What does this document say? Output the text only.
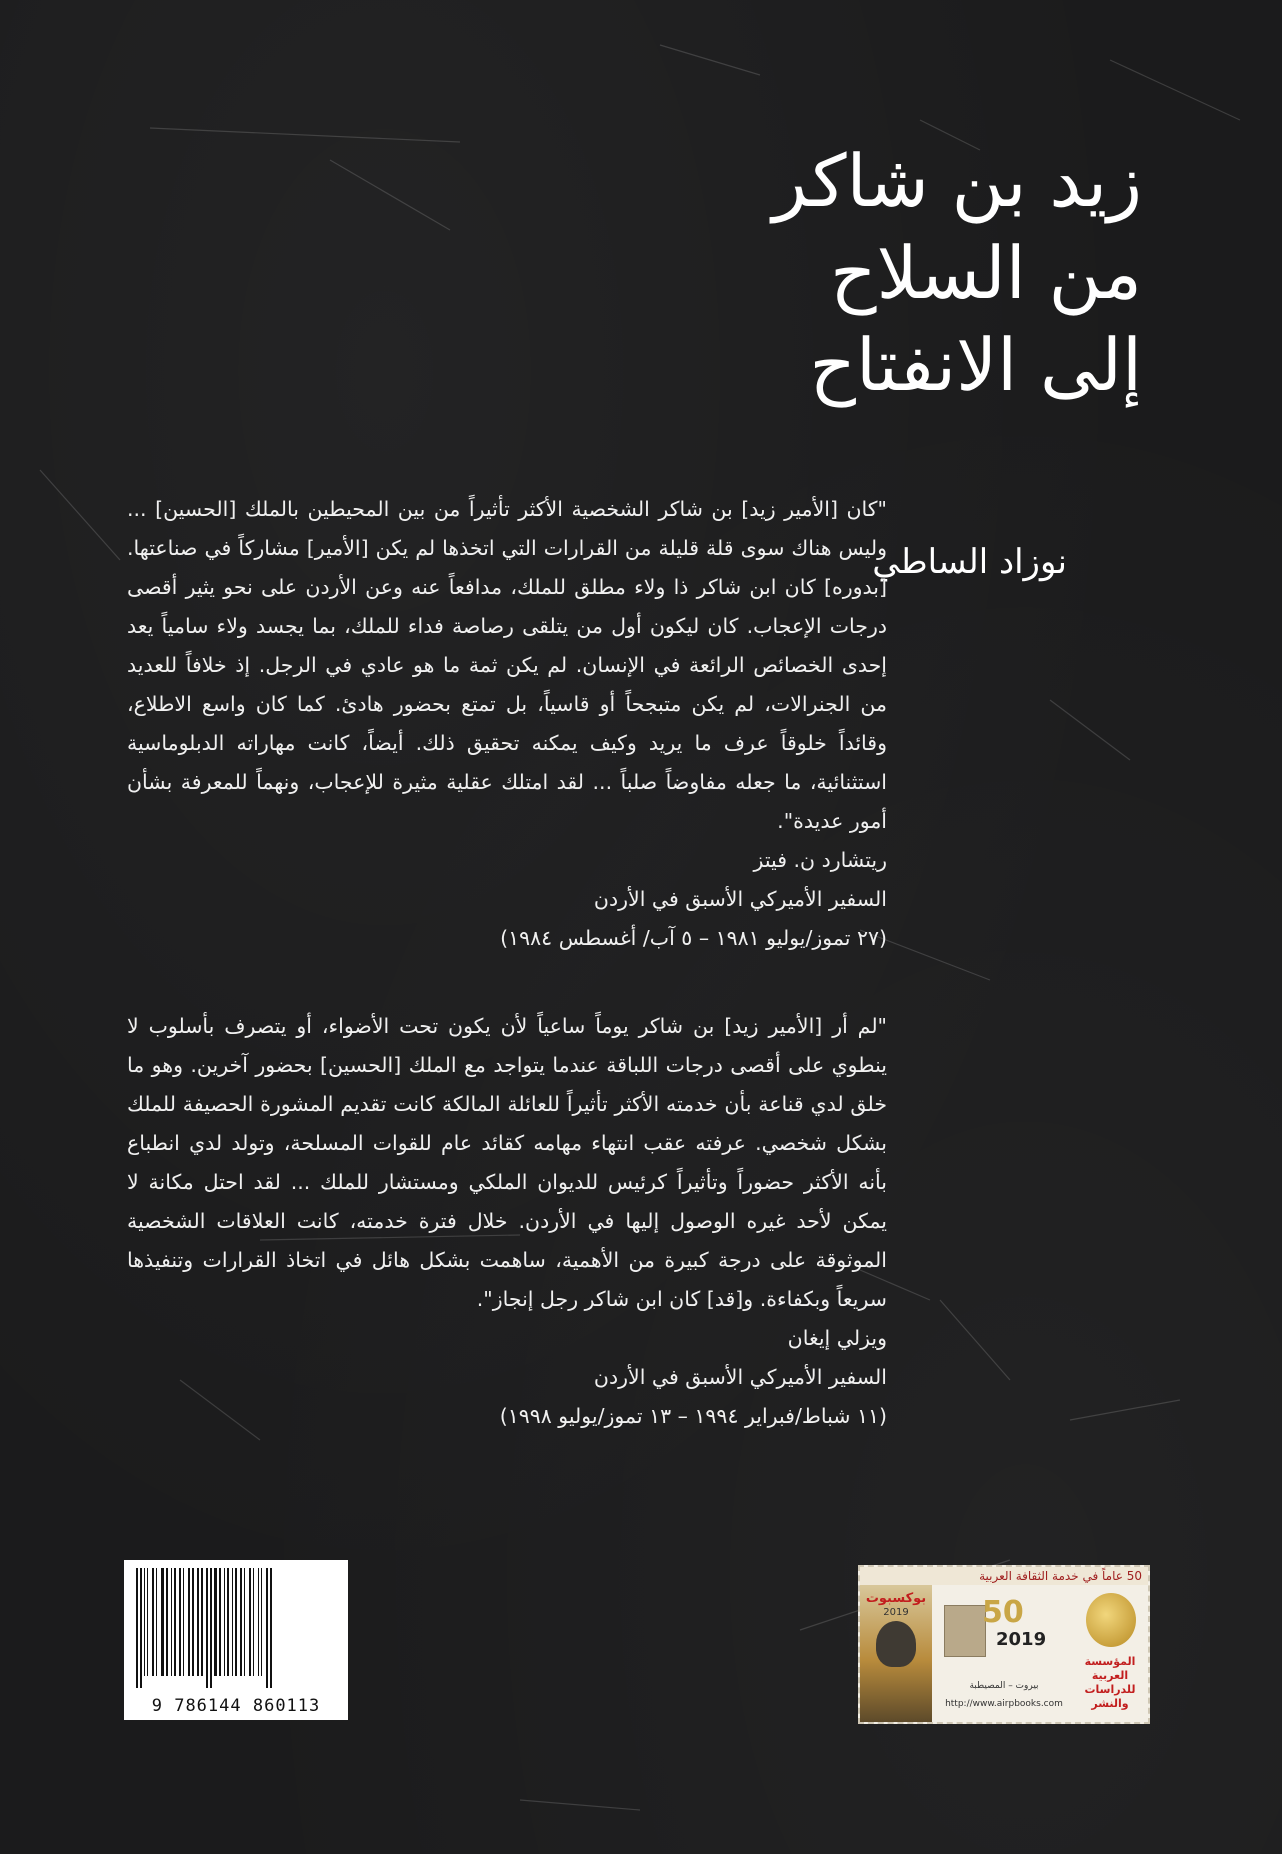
زيد بن شاكر
من السلاح
إلى الانفتاح
نوزاد الساطي

"كان [الأمير زيد] بن شاكر الشخصية الأكثر تأثيراً من بين المحيطين بالملك [الحسين] ... وليس هناك سوى قلة قليلة من القرارات التي اتخذها لم يكن [الأمير] مشاركاً في صناعتها. [بدوره] كان ابن شاكر ذا ولاء مطلق للملك، مدافعاً عنه وعن الأردن على نحو يثير أقصى درجات الإعجاب. كان ليكون أول من يتلقى رصاصة فداء للملك، بما يجسد ولاء سامياً يعد إحدى الخصائص الرائعة في الإنسان. لم يكن ثمة ما هو عادي في الرجل. إذ خلافاً للعديد من الجنرالات، لم يكن متبجحاً أو قاسياً، بل تمتع بحضور هادئ. كما كان واسع الاطلاع، وقائداً خلوقاً عرف ما يريد وكيف يمكنه تحقيق ذلك. أيضاً، كانت مهاراته الدبلوماسية استثنائية، ما جعله مفاوضاً صلباً ... لقد امتلك عقلية مثيرة للإعجاب، ونهماً للمعرفة بشأن أمور عديدة".

ريتشارد ن. فيتز
السفير الأميركي الأسبق في الأردن
(٢٧ تموز/يوليو ١٩٨١ – ٥ آب/ أغسطس ١٩٨٤)

"لم أر [الأمير زيد] بن شاكر يوماً ساعياً لأن يكون تحت الأضواء، أو يتصرف بأسلوب لا ينطوي على أقصى درجات اللباقة عندما يتواجد مع الملك [الحسين] بحضور آخرين. وهو ما خلق لدي قناعة بأن خدمته الأكثر تأثيراً للعائلة المالكة كانت تقديم المشورة الحصيفة للملك بشكل شخصي. عرفته عقب انتهاء مهامه كقائد عام للقوات المسلحة، وتولد لدي انطباع بأنه الأكثر حضوراً وتأثيراً كرئيس للديوان الملكي ومستشار للملك ... لقد احتل مكانة لا يمكن لأحد غيره الوصول إليها في الأردن. خلال فترة خدمته، كانت العلاقات الشخصية الموثوقة على درجة كبيرة من الأهمية، ساهمت بشكل هائل في اتخاذ القرارات وتنفيذها سريعاً وبكفاءة. و[قد] كان ابن شاكر رجل إنجاز".

ويزلي إيغان
السفير الأميركي الأسبق في الأردن
(١١ شباط/فبراير ١٩٩٤ – ١٣ تموز/يوليو ١٩٩٨)
9 786144 860113
50 عاماً في خدمة الثقافة العربية
المؤسسة العربية للدراسات والنشر
50
2019
بيروت – المصيطبة
http://www.airpbooks.com
بوكسبوت
2019
